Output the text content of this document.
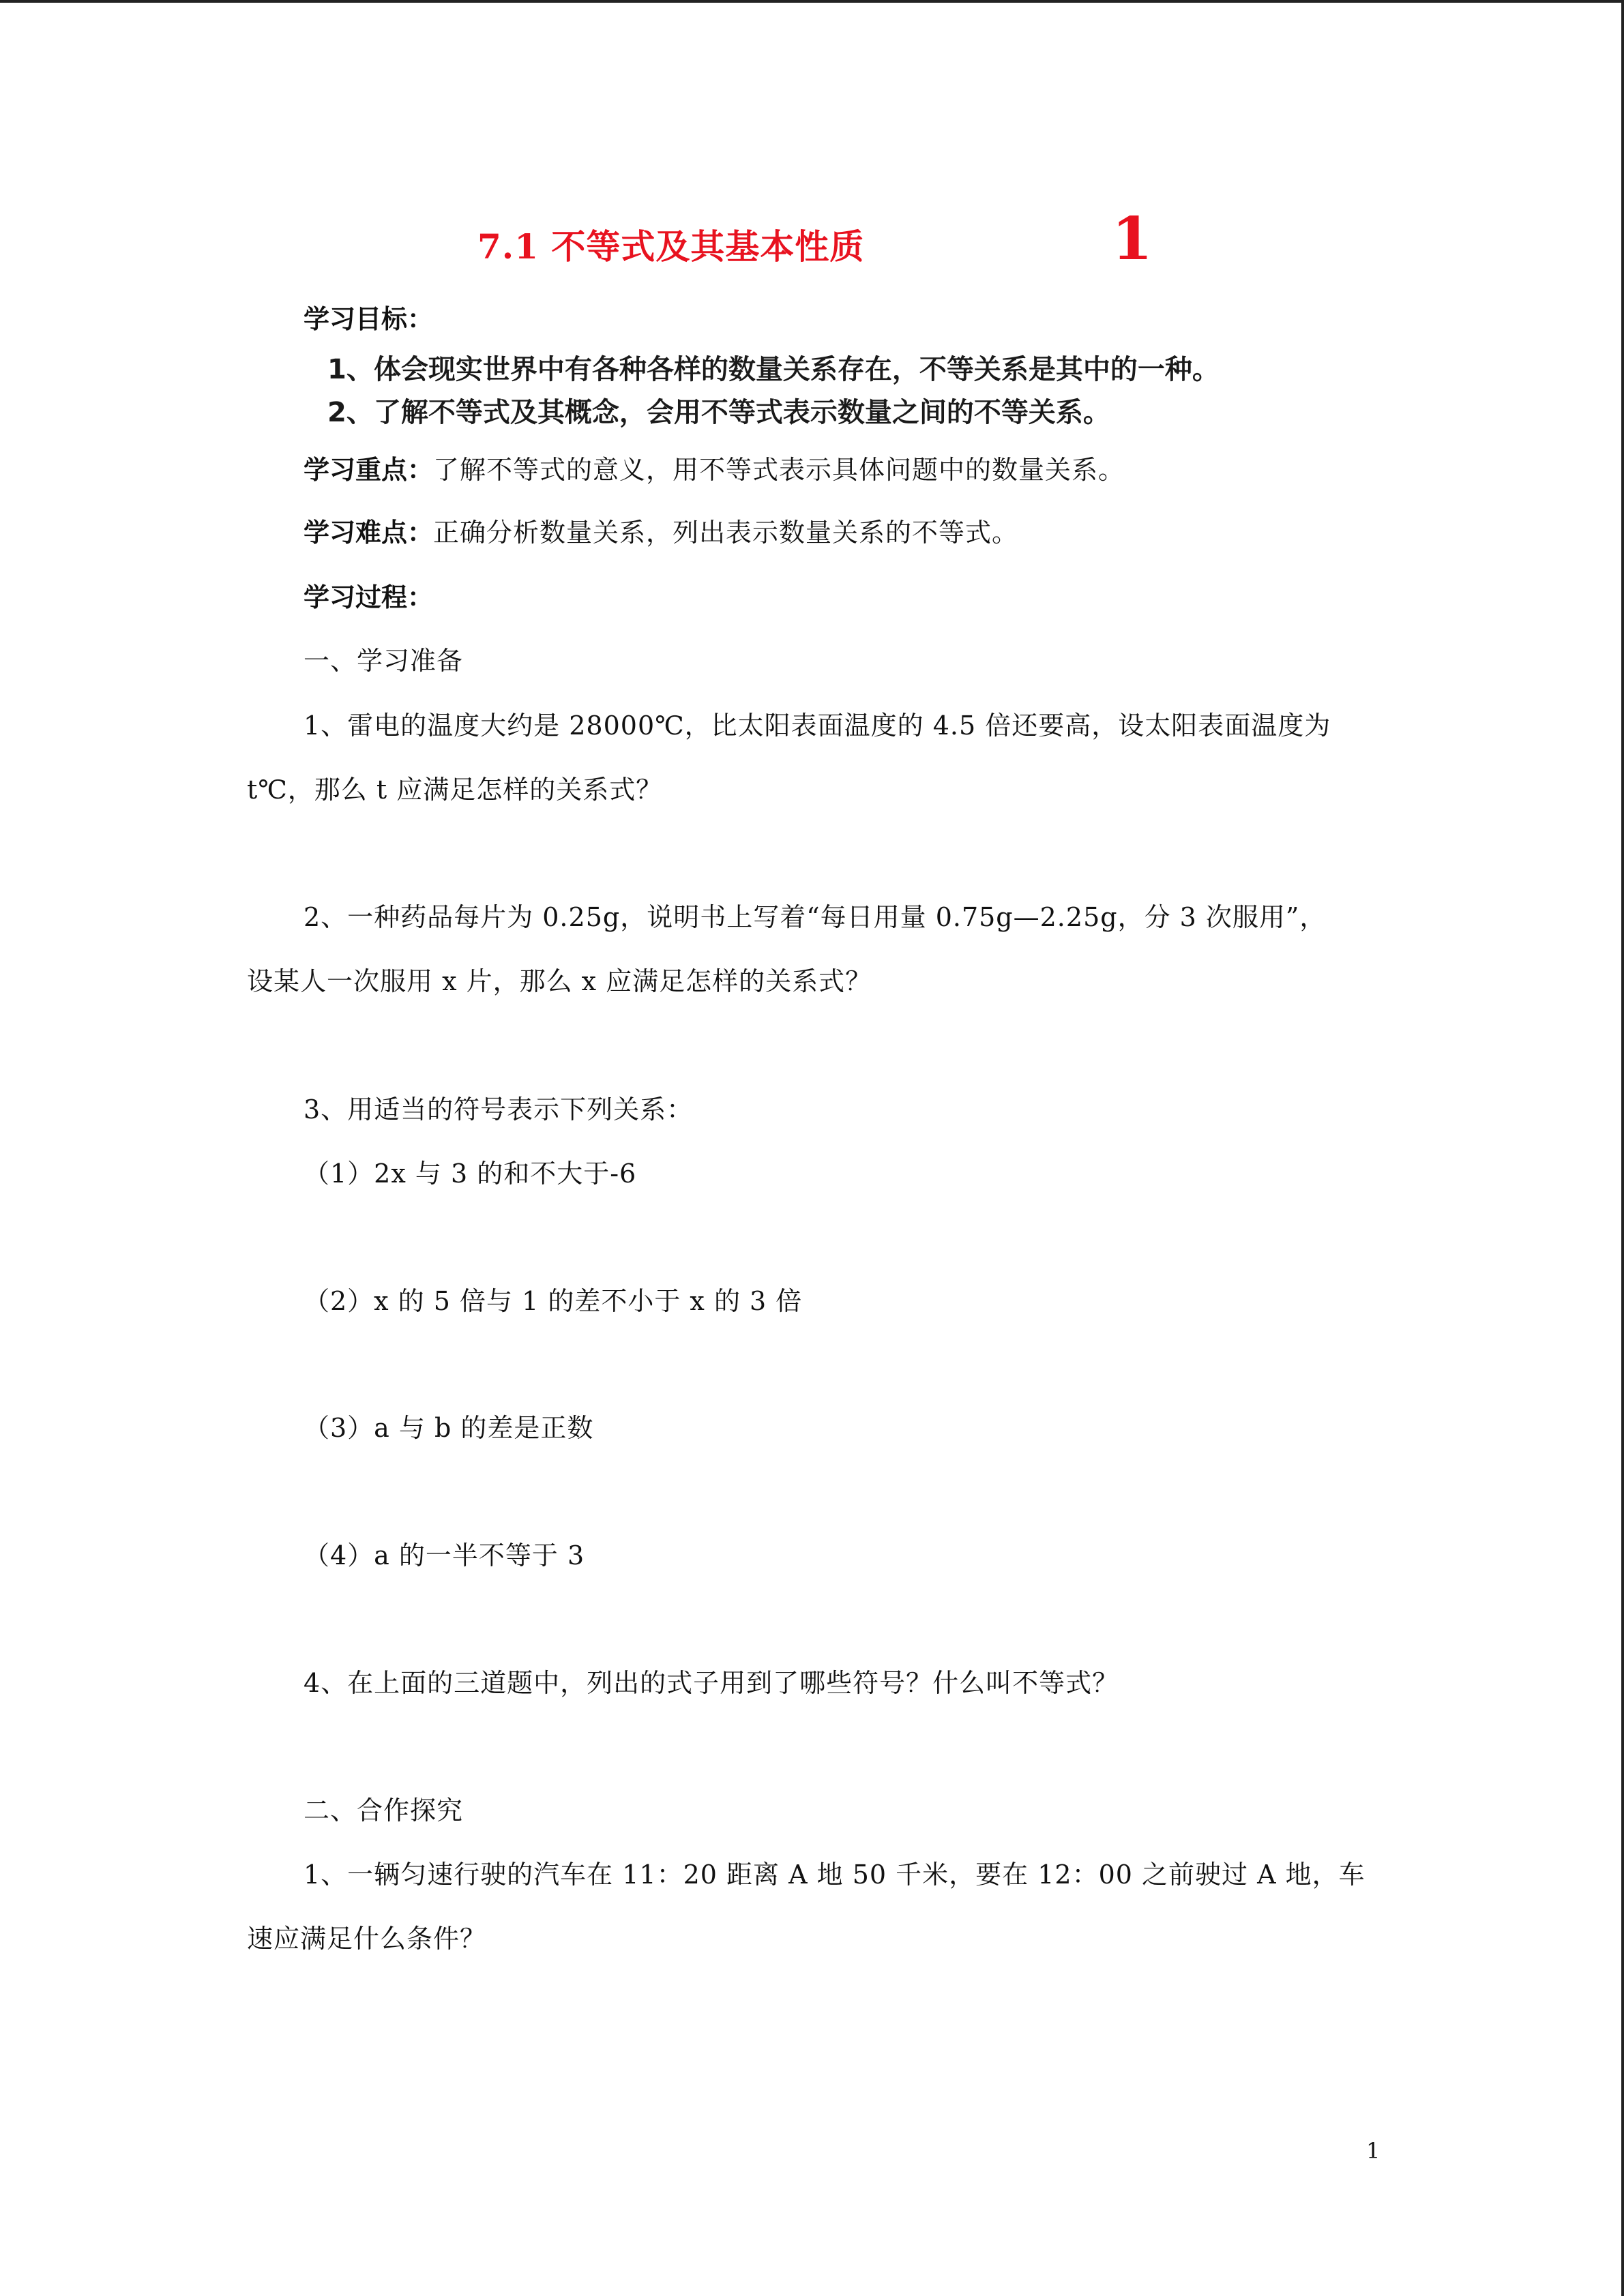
7.1 不等式及其基本性质	1
学习目标：
1、体会现实世界中有各种各样的数量关系存在，不等关系是其中的一种。
2、了解不等式及其概念，会用不等式表示数量之间的不等关系。
学习重点：了解不等式的意义，用不等式表示具体问题中的数量关系。
学习难点：正确分析数量关系，列出表示数量关系的不等式。
学习过程：
一、学习准备
1、雷电的温度大约是 28000℃，比太阳表面温度的 4.5 倍还要高，设太阳表面温度为
t℃，那么 t 应满足怎样的关系式？
2、一种药品每片为 0.25g，说明书上写着“每日用量 0.75g—2.25g，分 3 次服用”，
设某人一次服用 x 片，那么 x 应满足怎样的关系式？
3、用适当的符号表示下列关系：
（1）2x 与 3 的和不大于-6
（2）x 的 5 倍与 1 的差不小于 x 的 3 倍
（3）a 与 b 的差是正数
（4）a 的一半不等于 3
4、在上面的三道题中，列出的式子用到了哪些符号？什么叫不等式？
二、合作探究
1、一辆匀速行驶的汽车在 11：20 距离 A 地 50 千米，要在 12：00 之前驶过 A 地，车
速应满足什么条件？
1
